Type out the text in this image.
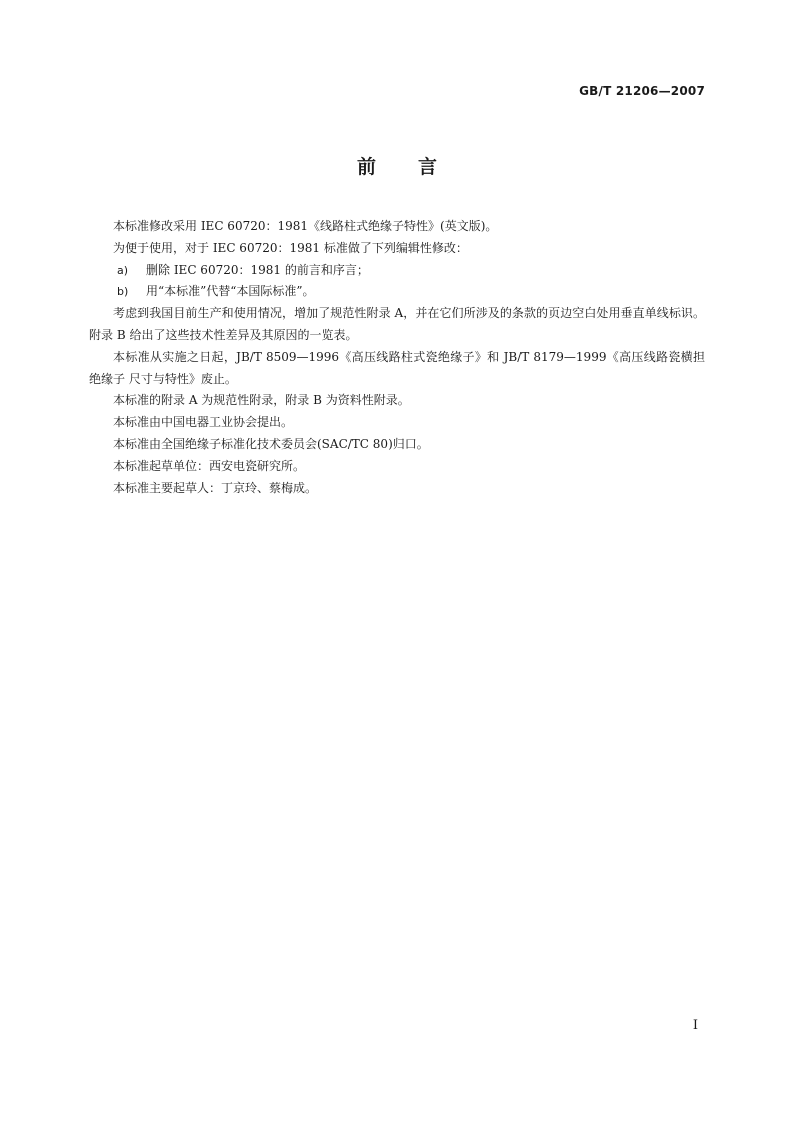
GB/T 21206—2007
前 言

本标准修改采用 IEC 60720：1981《线路柱式绝缘子特性》(英文版)。

为便于使用，对于 IEC 60720：1981 标准做了下列编辑性修改：

a) 删除 IEC 60720：1981 的前言和序言；

b) 用“本标准”代替“本国际标准”。

考虑到我国目前生产和使用情况，增加了规范性附录 A，并在它们所涉及的条款的页边空白处用垂直单线标识。附录 B 给出了这些技术性差异及其原因的一览表。

本标准从实施之日起，JB/T 8509—1996《高压线路柱式瓷绝缘子》和 JB/T 8179—1999《高压线路瓷横担绝缘子 尺寸与特性》废止。

本标准的附录 A 为规范性附录，附录 B 为资料性附录。

本标准由中国电器工业协会提出。

本标准由全国绝缘子标准化技术委员会(SAC/TC 80)归口。

本标准起草单位：西安电瓷研究所。

本标准主要起草人：丁京玲、蔡梅成。

I
